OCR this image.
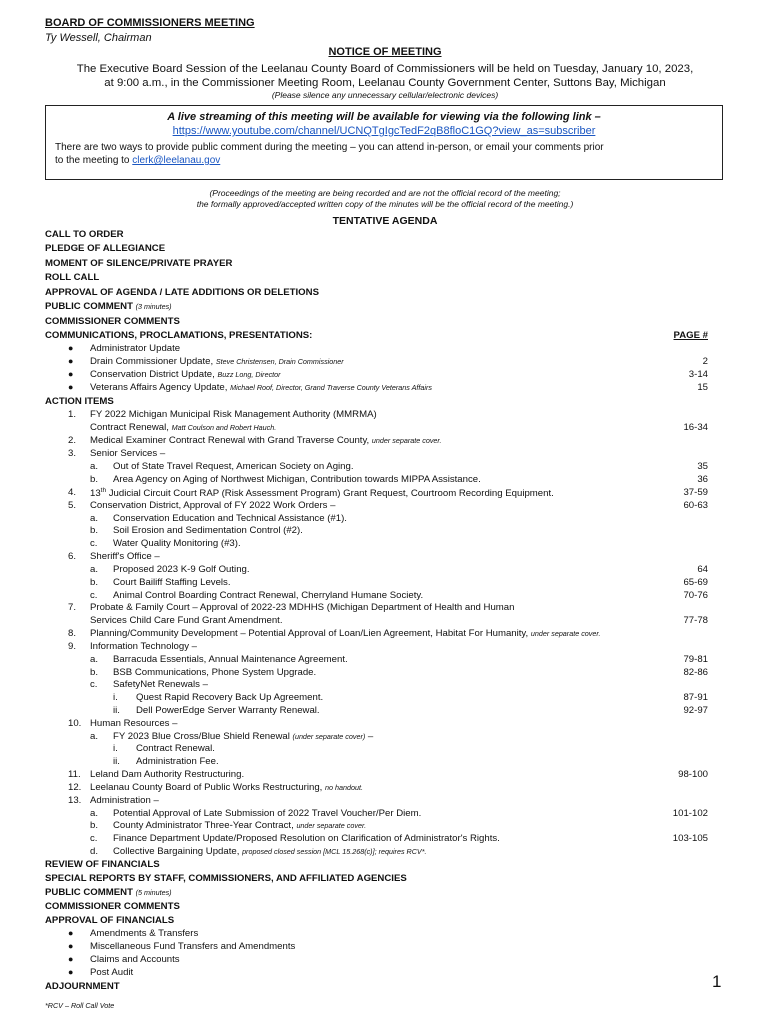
BOARD OF COMMISSIONERS MEETING
Ty Wessell, Chairman
NOTICE OF MEETING
The Executive Board Session of the Leelanau County Board of Commissioners will be held on Tuesday, January 10, 2023,
at 9:00 a.m., in the Commissioner Meeting Room, Leelanau County Government Center, Suttons Bay, Michigan
(Please silence any unnecessary cellular/electronic devices)
A live streaming of this meeting will be available for viewing via the following link –
https://www.youtube.com/channel/UCNQTgIgcTedF2qB8floC1GQ?view_as=subscriber
There are two ways to provide public comment during the meeting – you can attend in-person, or email your comments prior
to the meeting to clerk@leelanau.gov
(Proceedings of the meeting are being recorded and are not the official record of the meeting;
the formally approved/accepted written copy of the minutes will be the official record of the meeting.)
TENTATIVE AGENDA
CALL TO ORDER
PLEDGE OF ALLEGIANCE
MOMENT OF SILENCE/PRIVATE PRAYER
ROLL CALL
APPROVAL OF AGENDA / LATE ADDITIONS OR DELETIONS
PUBLIC COMMENT (3 minutes)
COMMISSIONER COMMENTS
COMMUNICATIONS, PROCLAMATIONS, PRESENTATIONS:	PAGE #
● Administrator Update
● Drain Commissioner Update, Steve Christensen, Drain Commissioner	2
● Conservation District Update, Buzz Long, Director	3-14
● Veterans Affairs Agency Update, Michael Roof, Director, Grand Traverse County Veterans Affairs	15
ACTION ITEMS
1. FY 2022 Michigan Municipal Risk Management Authority (MMRMA)
Contract Renewal, Matt Coulson and Robert Hauch.	16-34
2. Medical Examiner Contract Renewal with Grand Traverse County, under separate cover.
3. Senior Services –
a. Out of State Travel Request, American Society on Aging.	35
b. Area Agency on Aging of Northwest Michigan, Contribution towards MIPPA Assistance.	36
4. 13th Judicial Circuit Court RAP (Risk Assessment Program) Grant Request, Courtroom Recording Equipment.	37-59
5. Conservation District, Approval of FY 2022 Work Orders –	60-63
a. Conservation Education and Technical Assistance (#1).
b. Soil Erosion and Sedimentation Control (#2).
c. Water Quality Monitoring (#3).
6. Sheriff's Office –
a. Proposed 2023 K-9 Golf Outing.	64
b. Court Bailiff Staffing Levels.	65-69
c. Animal Control Boarding Contract Renewal, Cherryland Humane Society.	70-76
7. Probate & Family Court – Approval of 2022-23 MDHHS (Michigan Department of Health and Human
Services Child Care Fund Grant Amendment.	77-78
8. Planning/Community Development – Potential Approval of Loan/Lien Agreement, Habitat For Humanity, under separate cover.
9. Information Technology –
a. Barracuda Essentials, Annual Maintenance Agreement.	79-81
b. BSB Communications, Phone System Upgrade.	82-86
c. SafetyNet Renewals –
i. Quest Rapid Recovery Back Up Agreement.	87-91
ii. Dell PowerEdge Server Warranty Renewal.	92-97
10. Human Resources –
a. FY 2023 Blue Cross/Blue Shield Renewal (under separate cover) –
i. Contract Renewal.
ii. Administration Fee.
11. Leland Dam Authority Restructuring.	98-100
12. Leelanau County Board of Public Works Restructuring, no handout.
13. Administration –
a. Potential Approval of Late Submission of 2022 Travel Voucher/Per Diem.	101-102
b. County Administrator Three-Year Contract, under separate cover.
c. Finance Department Update/Proposed Resolution on Clarification of Administrator's Rights.	103-105
d. Collective Bargaining Update, proposed closed session [MCL 15.268(c)]; requires RCV*.
REVIEW OF FINANCIALS
SPECIAL REPORTS BY STAFF, COMMISSIONERS, AND AFFILIATED AGENCIES
PUBLIC COMMENT (5 minutes)
COMMISSIONER COMMENTS
APPROVAL OF FINANCIALS
● Amendments & Transfers
● Miscellaneous Fund Transfers and Amendments
● Claims and Accounts
● Post Audit
ADJOURNMENT	1
*RCV – Roll Call Vote
